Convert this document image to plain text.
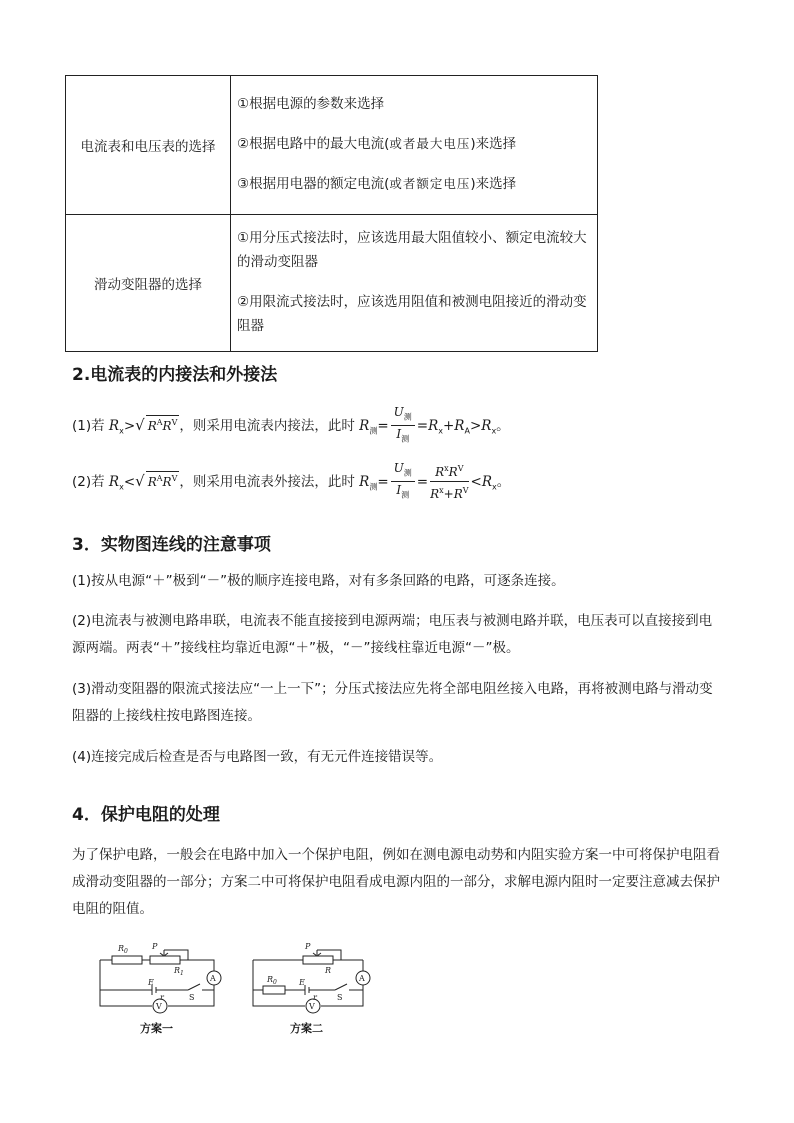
电流表和电压表的选择	①根据电源的参数来选择

②根据电路中的最大电流(或者最大电压)来选择

③根据用电器的额定电流(或者额定电压)来选择

滑动变阻器的选择	①用分压式接法时，应该选用最大阻值较小、额定电流较大的滑动变阻器

②用限流式接法时，应该选用阻值和被测电阻接近的滑动变阻器

2.电流表的内接法和外接法

(1)若 $R_x>√$ $R^AR^V$ ，则采用电流表内接法，此时 $R_测= \frac{U_测}{I_测} =R_x+R_A>R_x$。

(2)若 $R_x<√$ $R^AR^V$ ，则采用电流表外接法，此时 $R_测= \frac{U_测}{I_测} = \frac{R^xR^V}{R^x+R^V} <R_x$。

3．实物图连线的注意事项

(1)按从电源“＋”极到“－”极的顺序连接电路，对有多条回路的电路，可逐条连接。

(2)电流表与被测电路串联，电流表不能直接接到电源两端；电压表与被测电路并联，电压表可以直接接到电源两端。两表“＋”接线柱均靠近电源“＋”极，“－”接线柱靠近电源“－”极。

(3)滑动变阻器的限流式接法应“一上一下”；分压式接法应先将全部电阻丝接入电路，再将被测电路与滑动变阻器的上接线柱按电路图连接。

(4)连接完成后检查是否与电路图一致，有无元件连接错误等。

4．保护电阻的处理

为了保护电路，一般会在电路中加入一个保护电阻，例如在测电源电动势和内阻实验方案一中可将保护电阻看成滑动变阻器的一部分；方案二中可将保护电阻看成电源内阻的一部分，求解电源内阻时一定要注意减去保护电阻的阻值。

$R_0$
P
$R_1$
A
V
E
r	S
方案一
$R_0$
P
R
A
V
E
r	S
方案二
